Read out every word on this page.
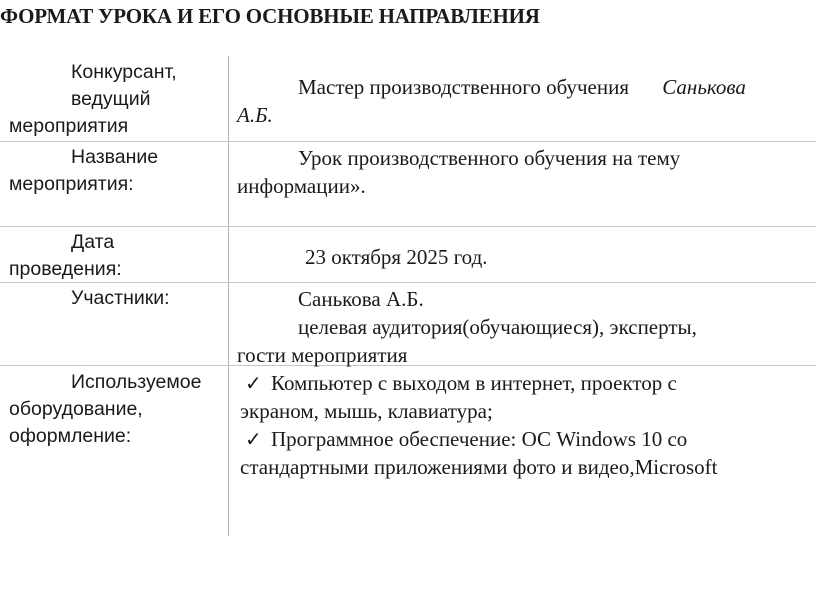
ФОРМАТ УРОКА И ЕГО ОСНОВНЫЕ НАПРАВЛЕНИЯ
Конкурсант,
ведущий
мероприятия
Мастер производственного обучения Санькова
А.Б.
Название
мероприятия:
Урок производственного обучения на тему
информации».
Дата
проведения:	23 октября 2025 год.
Участники:	Санькова А.Б.
целевая аудитория(обучающиеся), эксперты,
гости мероприятия
Используемое
оборудование,
оформление:
✓ Компьютер с выходом в интернет, проектор с
экраном, мышь, клавиатура;
✓ Программное обеспечение: ОС Windows 10 со
стандартными приложениями фото и видео,Microsoft
